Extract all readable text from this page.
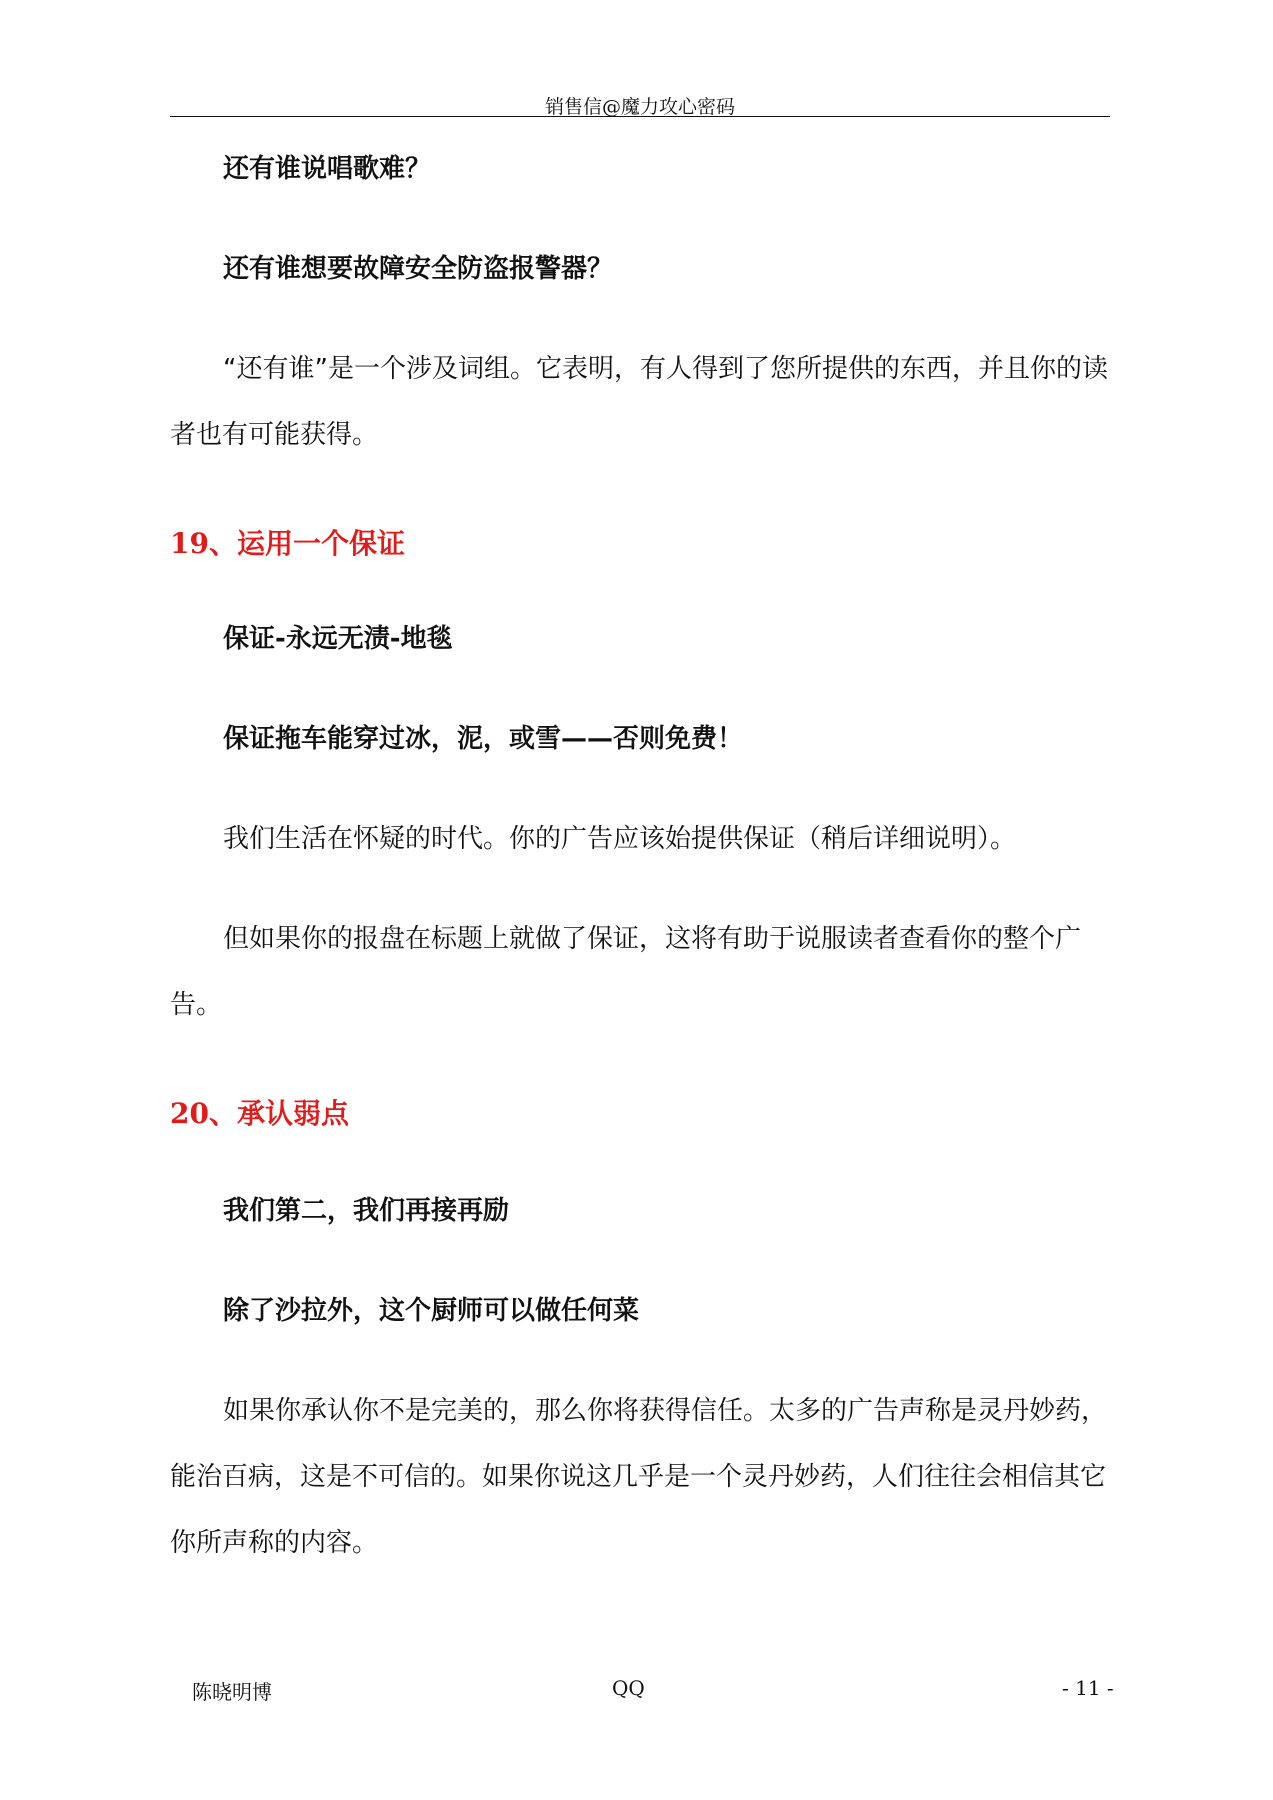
销售信@魔力攻心密码

还有谁说唱歌难？

还有谁想要故障安全防盗报警器？

“还有谁”是一个涉及词组。它表明，有人得到了您所提供的东西，并且你的读者也有可能获得。

19、运用一个保证

保证-永远无渍-地毯

保证拖车能穿过冰，泥，或雪——否则免费！

我们生活在怀疑的时代。你的广告应该始提供保证（稍后详细说明）。

但如果你的报盘在标题上就做了保证，这将有助于说服读者查看你的整个广告。

20、承认弱点

我们第二，我们再接再励

除了沙拉外，这个厨师可以做任何菜

如果你承认你不是完美的，那么你将获得信任。太多的广告声称是灵丹妙药，能治百病，这是不可信的。如果你说这几乎是一个灵丹妙药，人们往往会相信其它你所声称的内容。

陈晓明博	QQ	- 11 -
